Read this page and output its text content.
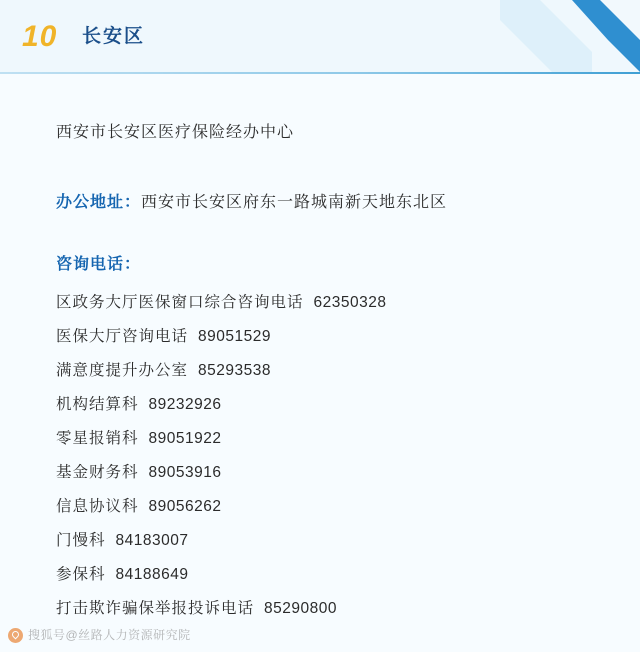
10 长安区
西安市长安区医疗保险经办中心
办公地址：西安市长安区府东一路城南新天地东北区
咨询电话：
区政务大厅医保窗口综合咨询电话 62350328
医保大厅咨询电话 89051529
满意度提升办公室 85293538
机构结算科 89232926
零星报销科 89051922
基金财务科 89053916
信息协议科 89056262
门慢科 84183007
参保科 84188649
打击欺诈骗保举报投诉电话 85290800
搜狐号@丝路人力资源研究院
